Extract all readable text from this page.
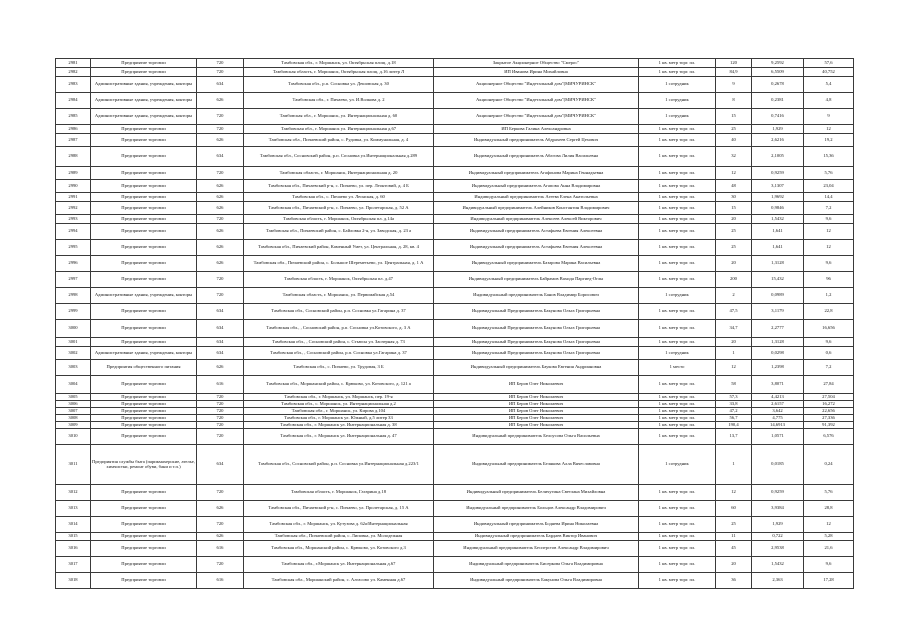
2981	Предприятие торговли	720	Тамбовская обл., г. Моршанск, ул. Октябрьская площ. д.18	Закрытое Акционерное Общество "Смерос"	1 кв. метр торг. пл.	120	9,2592	57,6
2982	Предприятие торговли	720	Тамбовская область, г. Моршанск, Октябрьская площ. д.16 литер Л	ИП Иванова Ирина Михайловна	1 кв. метр торг. пл.	84,9	6,5509	40,752
2983	Административные здания, учреждения, конторы	634	Тамбовская обл., р.п. Сосновка ул. Дешовская д. 30	Акционерное Общество "Индетальный дом"(МИЧУРИНСК"	1 сотрудник	9	0,2678	5,4
2984	Административные здания, учреждения, конторы	626	Тамбовская обл., г. Пичаево, ул. И.Волкова д. 2	Акционерное Общество "Индетальный дом"(МИЧУРИНСК"	1 сотрудник	8	0,2381	4,8
2985	Административные здания, учреждения, конторы	720	Тамбовская обл., г. Моршанск, ул. Интернациональная д. 60	Акционерное Общество "Индетальный дом"(МИЧУРИНСК"	1 сотрудник	15	0,7416	9
2986	Предприятие торговли	720	Тамбовская обл., г. Моршанск ул. Интернациональная д.67	ИП Беркова Галина Александровна	1 кв. метр торг. пл.	25	1,929	12
2987	Предприятие торговли	626	Тамбовская обл., Пичаевский район, с. Рудовка, ул. Коммунальная, д. 4	Индивидуальный предприниматель Абдрахеев Сергей Цехович	1 кв. метр торг. пл.	40	2,6216	19,2
2988	Предприятие торговли	634	Тамбовская обл., Сосновский район, р.п. Сосновка ул.Интернациональная д.289	Индивидуальный предприниматель Аблгова Лилия Васильевна	1 кв. метр торг. пл.	32	2,1005	15,36
2989	Предприятие торговли	720	Тамбовская область, г. Моршанск, Интернациональная д. 20	Индивидуальный предприниматель Агафонова Марина Геннадьевна	1 кв. метр торг. пл.	12	0,9259	5,76
2990	Предприятие торговли	626	Тамбовская обл., Пичаевский р-н, с. Пичаево, ул. пер. Леонтовий, д. 4 Б	Индивидуальный предприниматель Агапова Анна Владимировна	1 кв. метр торг. пл.	48	3,1307	23,04
2991	Предприятие торговли	626	Тамбовская обл., с. Пичаево ул. Леонская, д. 60	Индивидуальный предприниматель Агеева Елена Анатольевна	1 кв. метр торг. пл.	30	1,9692	14,4
2992	Предприятие торговли	626	Тамбовская обл., Пичаевский р-н, с. Пичаево, ул. Пролетарская, д. 52 А	Индивидуальный предприниматель Алейников Константин Владимирович	1 кв. метр торг. пл.	15	0,9846	7,2
2993	Предприятие торговли	720	Тамбовская область, г. Моршанск, Октябрьская пл. д.14а	Индивидуальный предприниматель Алексеев Алексей Викторович	1 кв. метр торг. пл.	20	1,5432	9,6
2994	Предприятие торговли	626	Тамбовская обл., Пичаевский район, с. Байловка 2-я, ул. Заводская, д. 23 а	Индивидуальный предприниматель Астафьева Евгения Алексеевна	1 кв. метр торг. пл.	25	1,641	12
2995	Предприятие торговли	626	Тамбовская обл., Пичаевский район, Каменный Умет, ул. Центральная, д. 28, кв. 4	Индивидуальный предприниматель Астафьева Евгения Алексеевна	1 кв. метр торг. пл.	25	1,641	12
2996	Предприятие торговли	626	Тамбовская обл., Пичаевский район, с. Большое Шереметьево, ул. Центральная, д. 1 А	Индивидуальный предприниматель Базарова Марина Васильевна	1 кв. метр торг. пл.	20	1,3128	9,6
2997	Предприятие торговли	720	Тамбовская область, г. Моршанск, Октябрьская пл. д.47	Индивидуальный предприниматель Байрамов Вахида Паргиед-Оглы	1 кв. метр торг. пл.	200	15,432	96
2998	Административные здания, учреждения, конторы	720	Тамбовская область, г. Моршанск, ул. Первомайская д.54	Индивидуальный предприниматель Банов Владимир Борисович	1 сотрудник	2	0,0989	1,2
2999	Предприятие торговли	634	Тамбовская обл., Сосновский район, р.п. Сосновка ул.Гагарина д. 37	Индивидуальный Предприниматель Бакунова Ольга Григорьевна	1 кв. метр торг. пл.	47,5	3,1179	22,8
3000	Предприятие торговли	634	Тамбовская обл., , Сосновский район, р.п. Сосновка ул.Котовского, д. 3 А	Индивидуальный Предприниматель Бакунова Ольга Григорьевна	1 кв. метр торг. пл.	34,7	2,2777	16,656
3001	Предприятие торговли	634	Тамбовская обл., , Сосновский район, с. Стьюсы ул. Заозерная д. 73	Индивидуальный Предприниматель Бакунова Ольга Григорьевна	1 кв. метр торг. пл.	20	1,3128	9,6
3002	Административные здания, учреждения, конторы	634	Тамбовская обл., , Сосновский район, р.п. Сосновка ул.Гагарина д. 37	Индивидуальный Предприниматель Бакунова Ольга Григорьевна	1 сотрудник	1	0,0298	0,6
3003	Предприятия общественного питания	626	Тамбовская обл., с. Пичаево, ул. Трудовая, 3 Б	Индивидуальный предприниматель Баукова Евгения Андриановна	1 место	12	1,2398	7,2
3004	Предприятие торговли	616	Тамбовская обл., Моршанский район, с. Крюково, ул. Котовского, д. 121 а	ИП Беров Олег Николаевич	1 кв. метр торг. пл.	58	3,8071	27,84
3005	Предприятие торговли	720	Тамбовская обл., г. Моршанск, ул. Моршанск, пер. 19-я	ИП Беров Олег Николаевич	1 кв. метр торг. пл.	57,3	4,4213	27,504
3006	Предприятие торговли	720	Тамбовская обл., с. Моршанск, ул. Интернациональная д.2	ИП Беров Олег Николаевич	1 кв. метр торг. пл.	33,8	2,6157	16,272
3007	Предприятие торговли	720	Тамбовская обл., г. Моршанск, ул. Кирова д.104	ИП Беров Олег Николаевич	1 кв. метр торг. пл.	47,2	3,642	22,656
3008	Предприятие торговли	720	Тамбовская обл., г. Моршанск ул. Южный, д.5 литер 33	ИП Беров Олег Николаевич	1 кв. метр торг. пл.	56,7	4,775	27,336
3009	Предприятие торговли	720	Тамбовская обл., г. Моршанск ул. Интернациональная д. 38	ИП Беров Олег Николаевич	1 кв. метр торг. пл.	190,4	14,6913	91,392
3010	Предприятие торговли	720	Тамбовская обл., г. Моршанск ул. Интернациональная д. 47	Индивидуальный предприниматель Белоусова Ольга Васильевна	1 кв. метр торг. пл.	13,7	1,0571	6,576
3011	Предприятия службы быта (парикмахерские, ателье, химчистки, ремонт обуви, бани и т.п.)	634	Тамбовская обл., Сосновский район, р.п. Сосновка ул.Интернациональная д.223/1	Индивидуальный предприниматель Белякова Алла Вячеславовна	1 сотрудник	1	0,0185	0,24
3012	Предприятие торговли	720	Тамбовская область, г. Моршанск, Гагарина д.18	Индивидуальный предприниматель Беличугина Светлана Михайловна	1 кв. метр торг. пл.	12	0,9259	5,76
3013	Предприятие торговли	626	Тамбовская обл., Пичаевский р-н, с. Пичаево, ул. Пролетарская, д. 15 А	Индивидуальный предприниматель Больцов Александр Владимирович	1 кв. метр торг. пл.	60	3,9384	28,8
3014	Предприятие торговли	720	Тамбовская обл., г. Моршанск, ул. Кутузова д. 62а/Интернациональная	Индивидуальный предприниматель Бодяева Ирина Николаевна	1 кв. метр торг. пл.	25	1,929	12
3015	Предприятие торговли	626	Тамбовская обл., Пичаевский район, с. Липовка, ул. Молодежная	Индивидуальный предприниматель Бардаев Виктор Иванович	1 кв. метр торг. пл.	11	0,722	5,28
3016	Предприятие торговли	616	Тамбовская обл., Моршанский район, с. Крюково, ул. Котовского д.3	Индивидуальный предприниматель Бесперстов Александр Владимирович	1 кв. метр торг. пл.	45	2,9538	21,6
3017	Предприятие торговли	720	Тамбовская обл., г.Моршанск ул. Интернациональная д.67	Индивидуальный предприниматель Бисеркова Ольга Владимировна	1 кв. метр торг. пл.	20	1,5432	9,6
3018	Предприятие торговли	616	Тамбовская обл., Моршанский район, с. Алгасово ул. Каменная д.67	Индивидуальный предприниматель Бакунова Ольга Владимировна	1 кв. метр торг. пл.	36	2,363	17,28
